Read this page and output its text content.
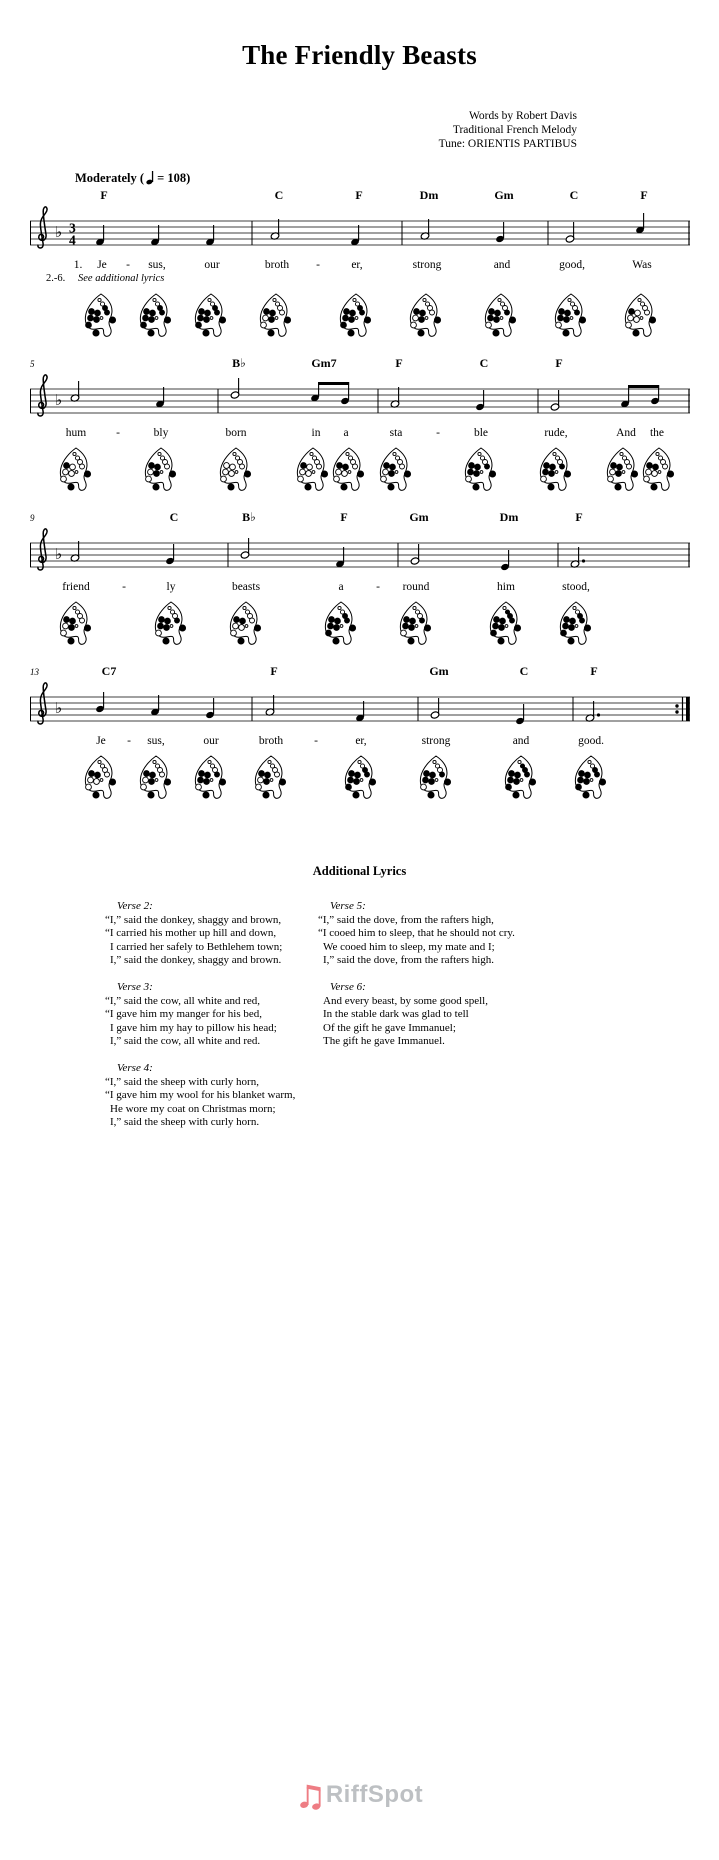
The Friendly Beasts
Words by Robert Davis
Traditional French Melody
Tune: ORIENTIS PARTIBUS
Moderately ( = 108)
F	C	F	Dm	Gm	C	F
♭ 3
4
1. Je - sus,	our	broth -	er,	strong	and	good,	Was
2.-6. See additional lyrics
5	B♭	Gm7	F	C	F
♭
hum	-	bly	born	in a	sta	-	ble	rude,	And the
9	C	B♭	F	Gm	Dm	F
♭
friend	-	ly	beasts	a	- round	him	stood,
13	C7	F	Gm	C	F
♭
Je - sus,	our	broth	-	er,	strong	and	good.
Additional Lyrics
Verse 2:
“I,” said the donkey, shaggy and brown,
“I carried his mother up hill and down,
I carried her safely to Bethlehem town;
I,” said the donkey, shaggy and brown.
Verse 3:
“I,” said the cow, all white and red,
“I gave him my manger for his bed,
I gave him my hay to pillow his head;
I,” said the cow, all white and red.
Verse 4:
“I,” said the sheep with curly horn,
“I gave him my wool for his blanket warm,
He wore my coat on Christmas morn;
I,” said the sheep with curly horn.
Verse 5:
“I,” said the dove, from the rafters high,
“I cooed him to sleep, that he should not cry.
We cooed him to sleep, my mate and I;
I,” said the dove, from the rafters high.
Verse 6:
And every beast, by some good spell,
In the stable dark was glad to tell
Of the gift he gave Immanuel;
The gift he gave Immanuel.
RiffSpot
